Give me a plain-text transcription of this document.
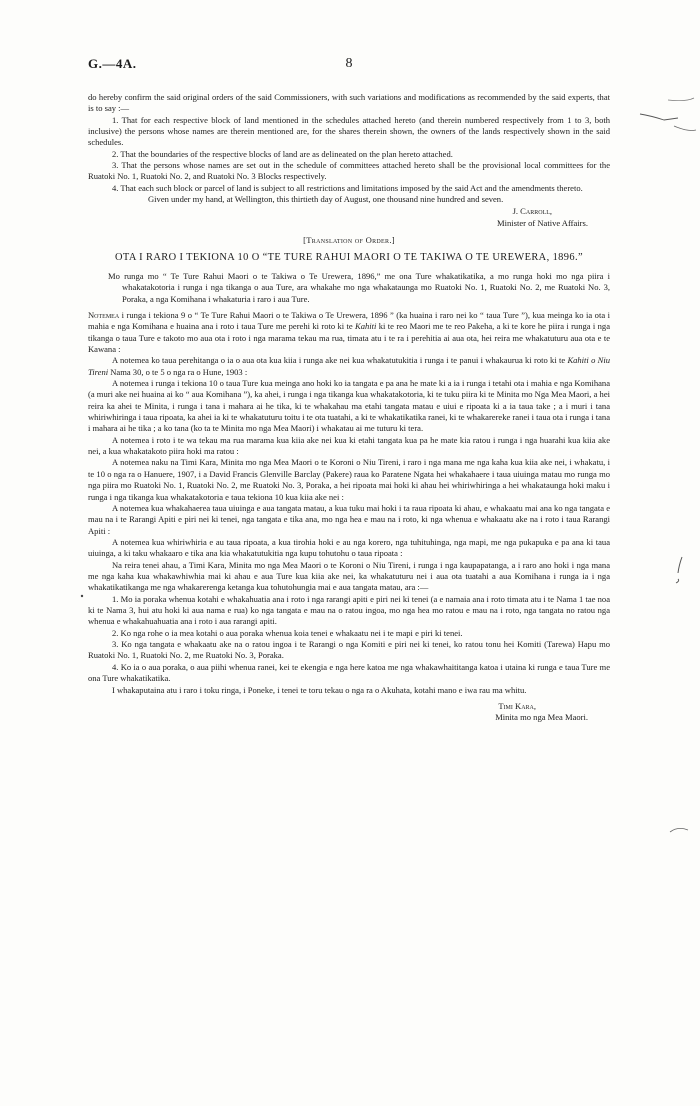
G.—4A.	8

do hereby confirm the said original orders of the said Commissioners, with such variations and modifications as recommended by the said experts, that is to say :—

1. That for each respective block of land mentioned in the schedules attached hereto (and therein numbered respectively from 1 to 3, both inclusive) the persons whose names are therein mentioned are, for the shares therein shown, the owners of the lands respectively shown in the said schedules.

2. That the boundaries of the respective blocks of land are as delineated on the plan hereto attached.

3. That the persons whose names are set out in the schedule of committees attached hereto shall be the provisional local committees for the Ruatoki No. 1, Ruatoki No. 2, and Ruatoki No. 3 Blocks respectively.

4. That each such block or parcel of land is subject to all restrictions and limitations imposed by the said Act and the amendments thereto.

Given under my hand, at Wellington, this thirtieth day of August, one thousand nine hundred and seven.

J. Carroll,

Minister of Native Affairs.

[Translation of Order.]

OTA I RARO I TEKIONA 10 O “TE TURE RAHUI MAORI O TE TAKIWA O TE UREWERA, 1896.”

Mo runga mo “ Te Ture Rahui Maori o te Takiwa o Te Urewera, 1896,” me ona Ture whakatikatika, a mo runga hoki mo nga piira i whakatakotoria i runga i nga tikanga o aua Ture, ara whakahe mo nga whakataunga mo Ruatoki No. 1, Ruatoki No. 2, me Ruatoki No. 3, Poraka, a nga Komihana i whakaturia i raro i aua Ture.

Notemea i runga i tekiona 9 o “ Te Ture Rahui Maori o te Takiwa o Te Urewera, 1896 ” (ka huaina i raro nei ko “ taua Ture ”), kua meinga ko ia ota i mahia e nga Komihana e huaina ana i roto i taua Ture me perehi ki roto ki te Kahiti ki te reo Maori me te reo Pakeha, a ki te kore he piira i runga i nga tikanga o taua Ture e takoto mo aua ota i roto i nga marama tekau ma rua, timata atu i te ra i perehitia ai aua ota, hei reira me whakatuturu aua ota e te Kawana :

A notemea ko taua perehitanga o ia o aua ota kua kiia i runga ake nei kua whakatutukitia i runga i te panui i whakaurua ki roto ki te Kahiti o Niu Tireni Nama 30, o te 5 o nga ra o Hune, 1903 :

A notemea i runga i tekiona 10 o taua Ture kua meinga ano hoki ko ia tangata e pa ana he mate ki a ia i runga i tetahi ota i mahia e nga Komihana (a muri ake nei huaina ai ko “ aua Komihana ”), ka ahei, i runga i nga tikanga kua whakatakotoria, ki te tuku piira ki te Minita mo Nga Mea Maori, a hei reira ka ahei te Minita, i runga i tana i mahara ai he tika, ki te whakahau ma etahi tangata matau e uiui e ripoata ki a ia taua take ; a i muri i tana whiriwhiringa i taua ripoata, ka ahei ia ki te whakatuturu toitu i te ota tuatahi, a ki te whakatikatika ranei, ki te whakarereke ranei i taua ota i runga i tana i mahara ai he tika ; a ko tana (ko ta te Minita mo nga Mea Maori) i whakatau ai me tuturu ki tera.

A notemea i roto i te wa tekau ma rua marama kua kiia ake nei kua ki etahi tangata kua pa he mate kia ratou i runga i nga huarahi kua kiia ake nei, a kua whakatakoto piira hoki ma ratou :

A notemea naku na Timi Kara, Minita mo nga Mea Maori o te Koroni o Niu Tireni, i raro i nga mana me nga kaha kua kiia ake nei, i whakatu, i te 10 o nga ra o Hanuere, 1907, i a David Francis Glenville Barclay (Pakere) raua ko Paratene Ngata hei whakahaere i taua uiuinga matau mo runga mo nga piira mo Ruatoki No. 1, Ruatoki No. 2, me Ruatoki No. 3, Poraka, a hei ripoata mai hoki ki ahau hei whiriwhiringa a hei whakataunga hoki maku i runga i nga tikanga kua whakatakotoria e taua tekiona 10 kua kiia ake nei :

A notemea kua whakahaerea taua uiuinga e aua tangata matau, a kua tuku mai hoki i ta raua ripoata ki ahau, e whakaatu mai ana ko nga tangata e mau na i te Rarangi Apiti e piri nei ki tenei, nga tangata e tika ana, mo nga hea e mau na i roto, ki nga whenua e whakaatu ake na i roto i taua Rarangi Apiti :

A notemea kua whiriwhiria e au taua ripoata, a kua tirohia hoki e au nga korero, nga tuhituhinga, nga mapi, me nga pukapuka e pa ana ki taua uiuinga, a ki taku whakaaro e tika ana kia whakatutukitia nga kupu tohutohu o taua ripoata :

Na reira tenei ahau, a Timi Kara, Minita mo nga Mea Maori o te Koroni o Niu Tireni, i runga i nga kaupapatanga, a i raro ano hoki i nga mana me nga kaha kua whakawhiwhia mai ki ahau e aua Ture kua kiia ake nei, ka whakatuturu nei i aua ota tuatahi a aua Komihana i runga ia i nga whakatikatikanga me nga whakarerenga ketanga kua tohutohungia mai e aua tangata matau, ara :—

1. Mo ia poraka whenua kotahi e whakahuatia ana i roto i nga rarangi apiti e piri nei ki tenei (a e namaia ana i roto timata atu i te Nama 1 tae noa ki te Nama 3, hui atu hoki ki aua nama e rua) ko nga tangata e mau na o ratou ingoa, mo nga hea mo ratou e mau na i roto, nga tangata no ratou nga whenua e whakahuahuatia ana i roto i aua rarangi apiti.

2. Ko nga rohe o ia mea kotahi o aua poraka whenua koia tenei e whakaatu nei i te mapi e piri ki tenei.

3. Ko nga tangata e whakaatu ake na o ratou ingoa i te Rarangi o nga Komiti e piri nei ki tenei, ko ratou tonu hei Komiti (Tarewa) Hapu mo Ruatoki No. 1, Ruatoki No. 2, me Ruatoki No. 3, Poraka.

4. Ko ia o aua poraka, o aua piihi whenua ranei, kei te ekengia e nga here katoa me nga whakawhaititanga katoa i utaina ki runga e taua Ture me ona Ture whakatikatika.

I whakaputaina atu i raro i toku ringa, i Poneke, i tenei te toru tekau o nga ra o Akuhata, kotahi mano e iwa rau ma whitu.

Timi Kara,

Minita mo nga Mea Maori.
